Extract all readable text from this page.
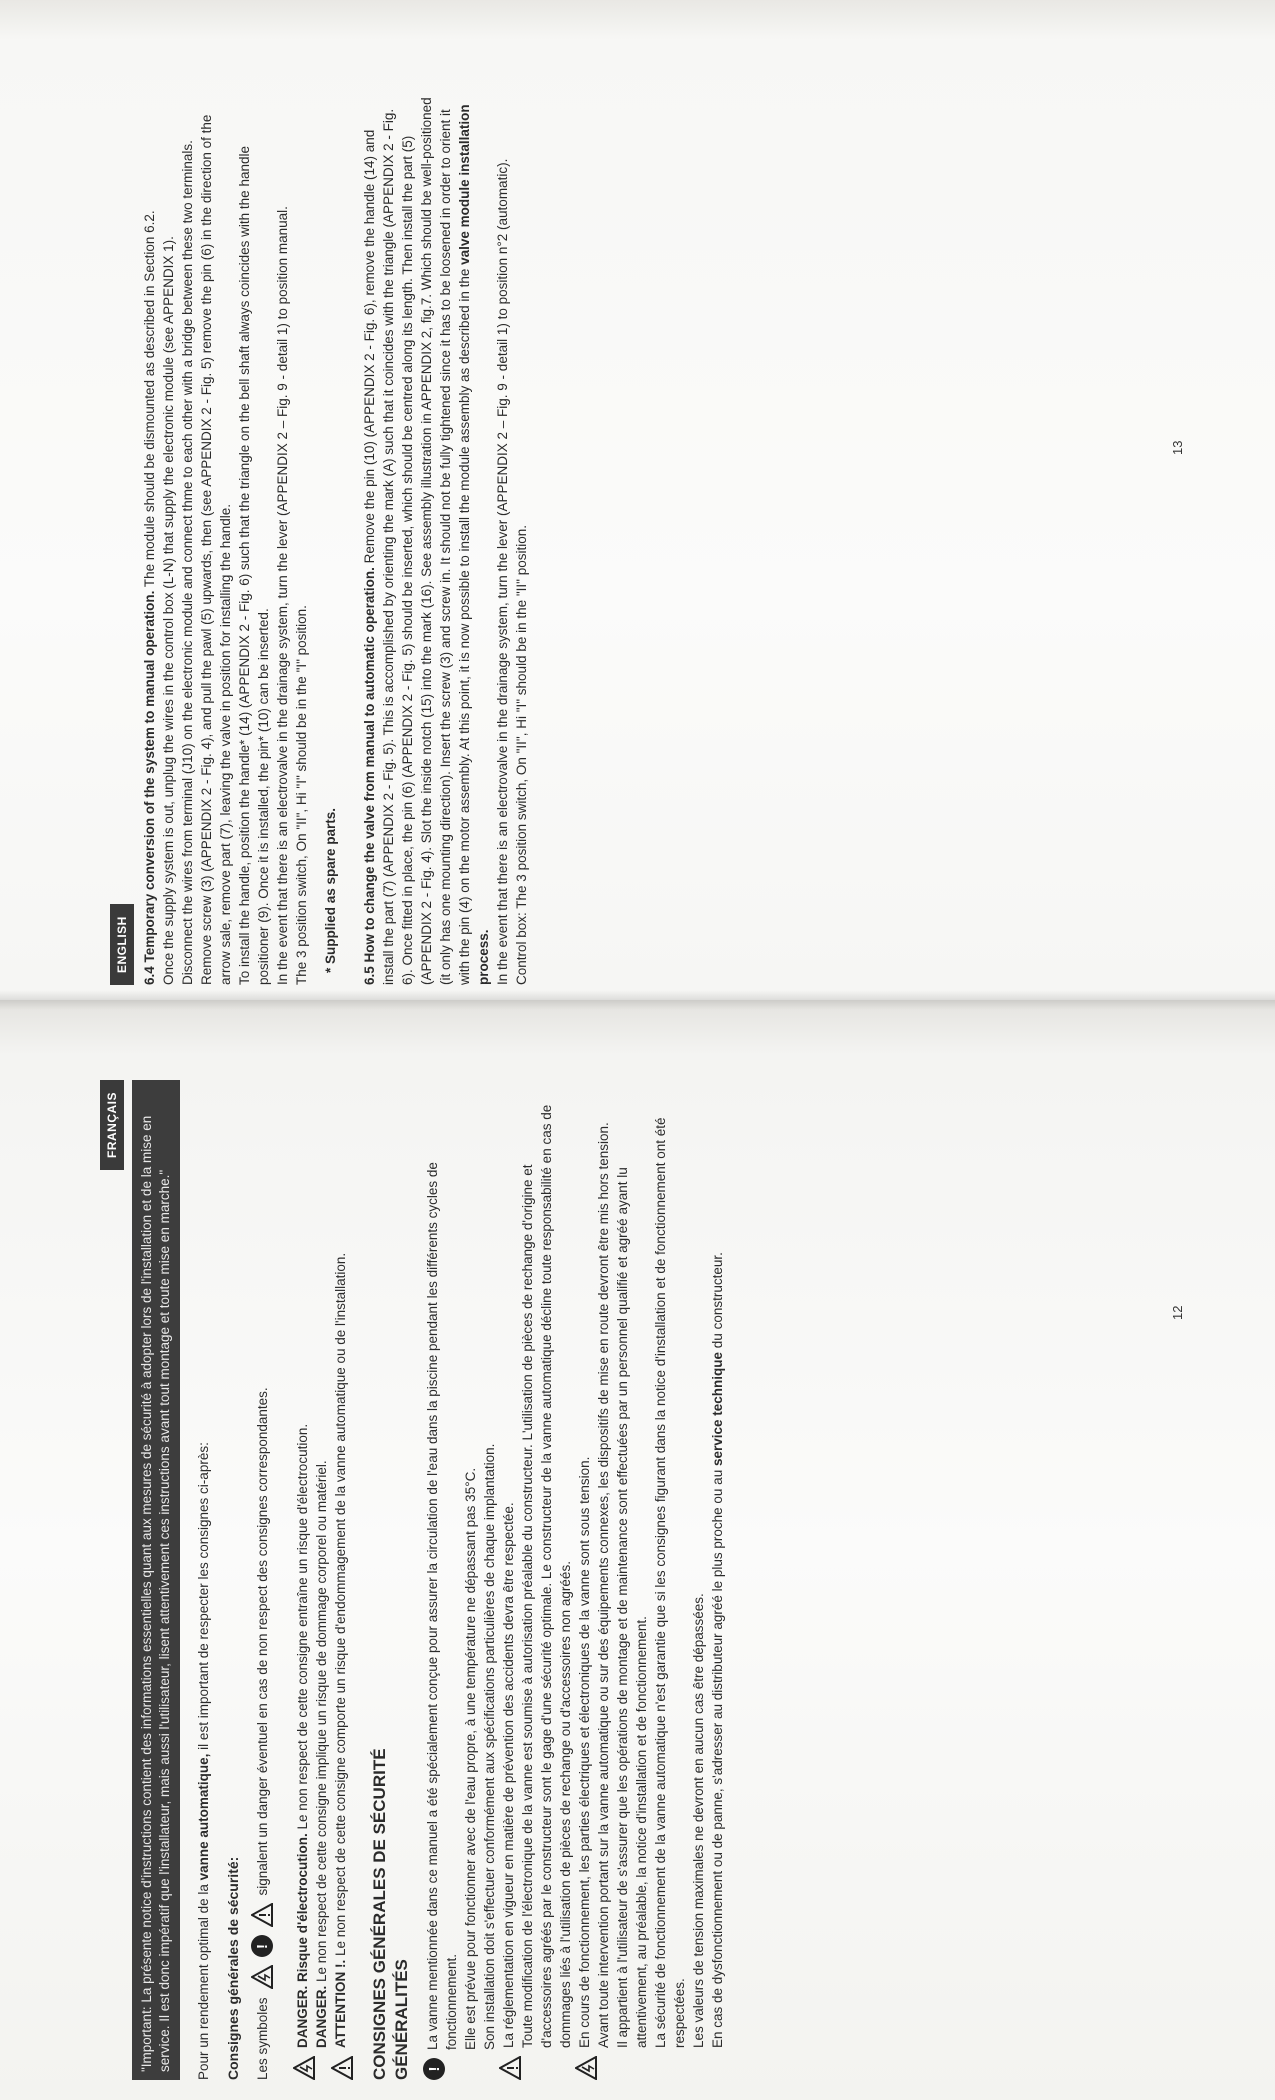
ENGLISH 6.4 Temporary conversion of the system to manual operation. The module should be dismounted as described in Section 6.2. Once the supply system is out, unplug the wires in the control box (L-N) that supply the electronic module (see APPENDIX 1). Disconnect the wires from terminal (J10) on the electronic module and connect thme to each other with a bridge between these two terminals. Remove screw (3) (APPENDIX 2 - Fig. 4), and pull the pawl (5) upwards, then (see APPENDIX 2 - Fig. 5) remove the pin (6) in the direction of the arrow sale, remove part (7), leaving the valve in position for installing the handle. To install the handle, position the handle* (14) (APPENDIX 2 - Fig. 6) such that the triangle on the bell shaft always coincides with the handle positioner (9). Once it is installed, the pin* (10) can be inserted. In the event that there is an electrovalve in the drainage system, turn the lever (APPENDIX 2 – Fig. 9 - detail 1) to position manual. The 3 position switch, On "II", Hi "I" should be in the "I" position. * Supplied as spare parts. 6.5 How to change the valve from manual to automatic operation. Remove the pin (10) (APPENDIX 2 - Fig. 6), remove the handle (14) and install the part (7) (APPENDIX 2 - Fig. 5). This is accomplished by orienting the mark (A) such that it coincides with the triangle (APPENDIX 2 - Fig. 6). Once fitted in place, the pin (6) (APPENDIX 2 - Fig. 5) should be inserted, which should be centred along its length. Then install the part (5) (APPENDIX 2 - Fig. 4). Slot the inside notch (15) into the mark (16). See assembly illustration in APPENDIX 2, fig.7. Which should be well-positioned (it only has one mounting direction). Insert the screw (3) and screw in. It should not be fully tightened since it has to be loosened in order to orient it with the pin (4) on the motor assembly. At this point, it is now possible to install the module assembly as described in the valve module installation process. In the event that there is an electrovalve in the drainage system, turn the lever (APPENDIX 2 – Fig. 9 - detail 1) to position n°2 (automatic). Control box: The 3 position switch, On "II", Hi "I" should be in the "II" position.

12
FRANÇAIS	"Important: La présente notice d'instructions contient des informations essentielles quant aux mesures de sécurité à adopter lors de l'installation et de la mise en service. Il est donc impératif que l'installateur, mais aussi l'utilisateur, lisent attentivement ces instructions avant tout montage et toute mise en marche."	Pour un rendement optimal de la vanne automatique, il est important de respecter les consignes ci-après:

Consignes générales de sécurité: Les symboles
!
signalent un danger éventuel en cas de non respect des consignes correspondantes.
DANGER. Risque d'électrocution. Le non respect de cette consigne entraîne un risque d'électrocution.
DANGER. Le non respect de cette consigne implique un risque de dommage corporel ou matériel.
ATTENTION !. Le non respect de cette consigne comporte un risque d'endommagement de la vanne automatique ou de l'installation. CONSIGNES GÉNÉRALES DE SÉCURITÉ GÉNÉRALITÉS !
La vanne mentionnée dans ce manuel a été spécialement conçue pour assurer la circulation de l'eau dans la piscine pendant les différents cycles de fonctionnement. Elle est prévue pour fonctionner avec de l'eau propre, à une température ne dépassant pas 35°C. Son installation doit s'effectuer conformément aux spécifications particulières de chaque implantation. La réglementation en vigueur en matière de prévention des accidents devra être respectée. Toute modification de l'électronique de la vanne est soumise à autorisation préalable du constructeur. L'utilisation de pièces de rechange d'origine et d'accessoires agréés par le constructeur sont le gage d'une sécurité optimale. Le constructeur de la vanne automatique décline toute responsabilité en cas de dommages liés à l'utilisation de pièces de rechange ou d'accessoires non agréés. En cours de fonctionnement, les parties électriques et électroniques de la vanne sont sous tension. Avant toute intervention portant sur la vanne automatique ou sur des équipements connexes, les dispositifs de mise en route devront être mis hors tension. Il appartient à l'utilisateur de s'assurer que les opérations de montage et de maintenance sont effectuées par un personnel qualifié et agréé ayant lu attentivement, au préalable, la notice d'installation et de fonctionnement. La sécurité de fonctionnement de la vanne automatique n'est garantie que si les consignes figurant dans la notice d'installation et de fonctionnement ont été respectées. Les valeurs de tension maximales ne devront en aucun cas être dépassées. En cas de dysfonctionnement ou de panne, s'adresser au distributeur agréé le plus proche ou au service technique du constructeur.
13
